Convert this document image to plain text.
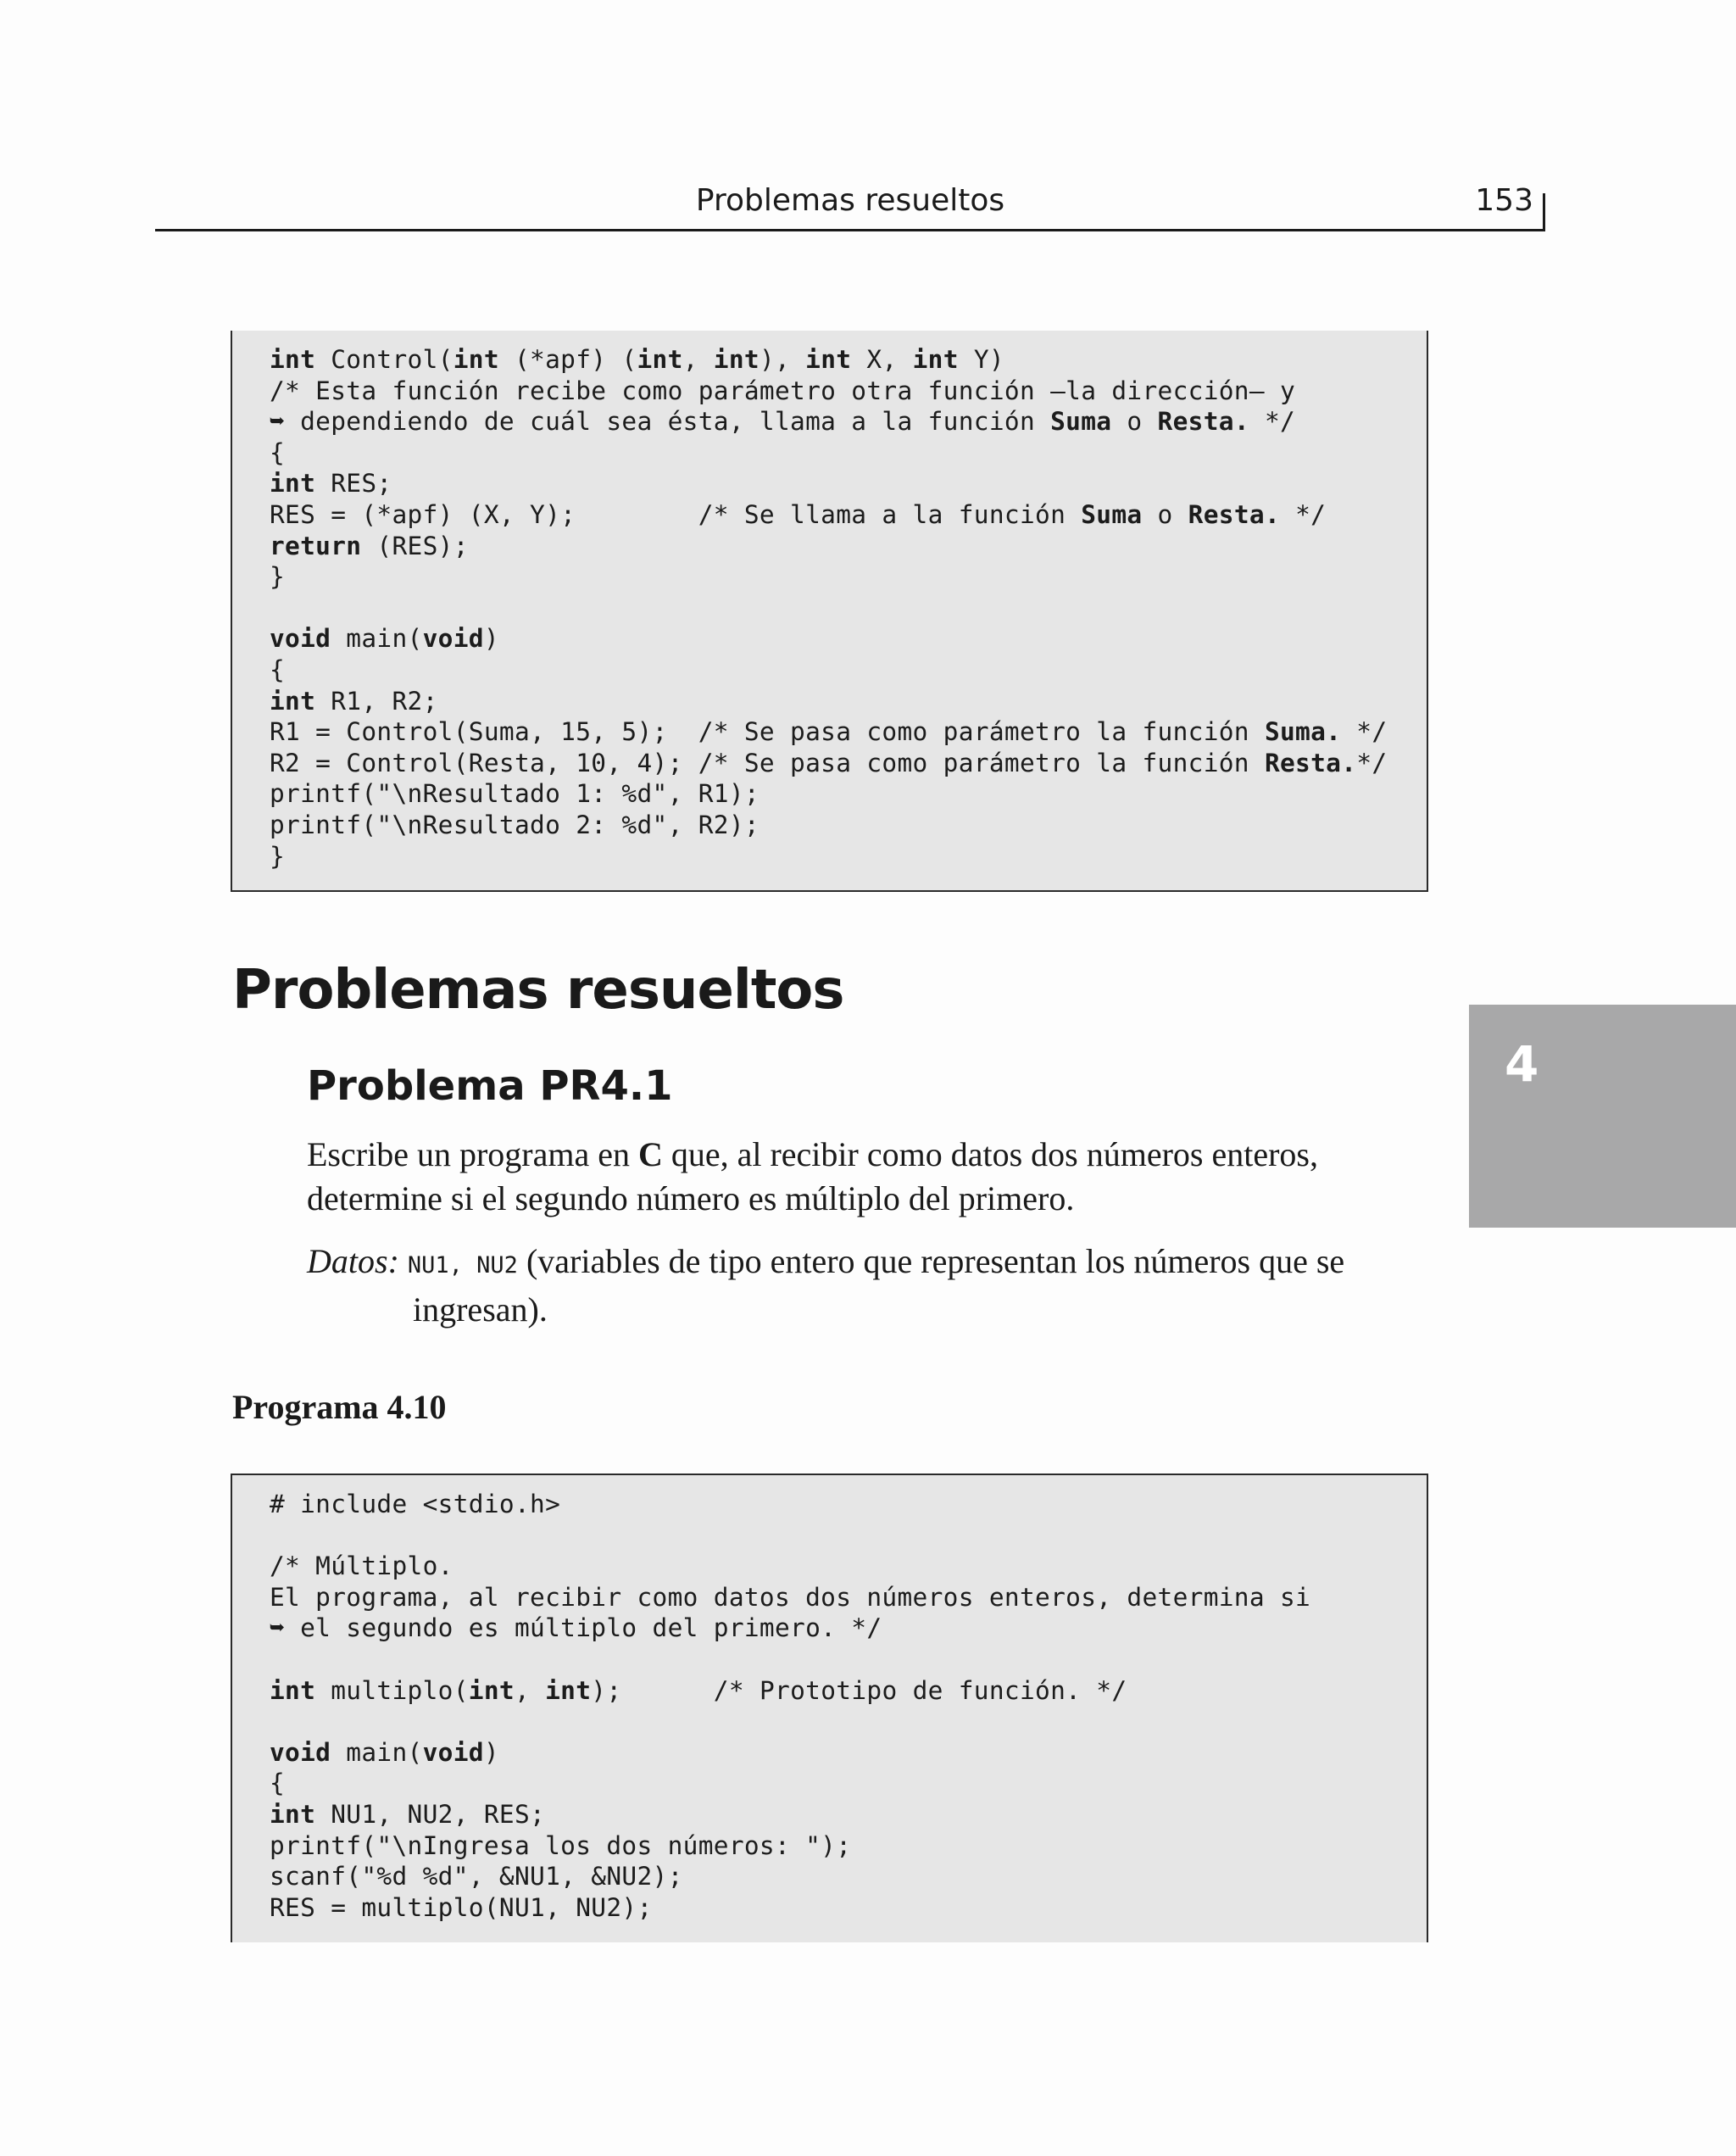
Problemas resueltos	153
int Control(int (*apf) (int, int), int X, int Y)
/* Esta función recibe como parámetro otra función —la dirección— y
➥ dependiendo de cuál sea ésta, llama a la función Suma o Resta. */
{
int RES;
RES = (*apf) (X, Y);        /* Se llama a la función Suma o Resta. */
return (RES);
}
void main(void)
{
int R1, R2;
R1 = Control(Suma, 15, 5);  /* Se pasa como parámetro la función Suma. */
R2 = Control(Resta, 10, 4); /* Se pasa como parámetro la función Resta.*/
printf("\nResultado 1: %d", R1);
printf("\nResultado 2: %d", R2);
}
Problemas resueltos
Problema PR4.1
Escribe un programa en C que, al recibir como datos dos números enteros, determine si el segundo número es múltiplo del primero.
Datos: NU1, NU2 (variables de tipo entero que representan los números que se
ingresan).
Programa 4.10
# include <stdio.h>
/* Múltiplo.
El programa, al recibir como datos dos números enteros, determina si
➥ el segundo es múltiplo del primero. */
int multiplo(int, int);      /* Prototipo de función. */
void main(void)
{
int NU1, NU2, RES;
printf("\nIngresa los dos números: ");
scanf("%d %d", &NU1, &NU2);
RES = multiplo(NU1, NU2);
4
